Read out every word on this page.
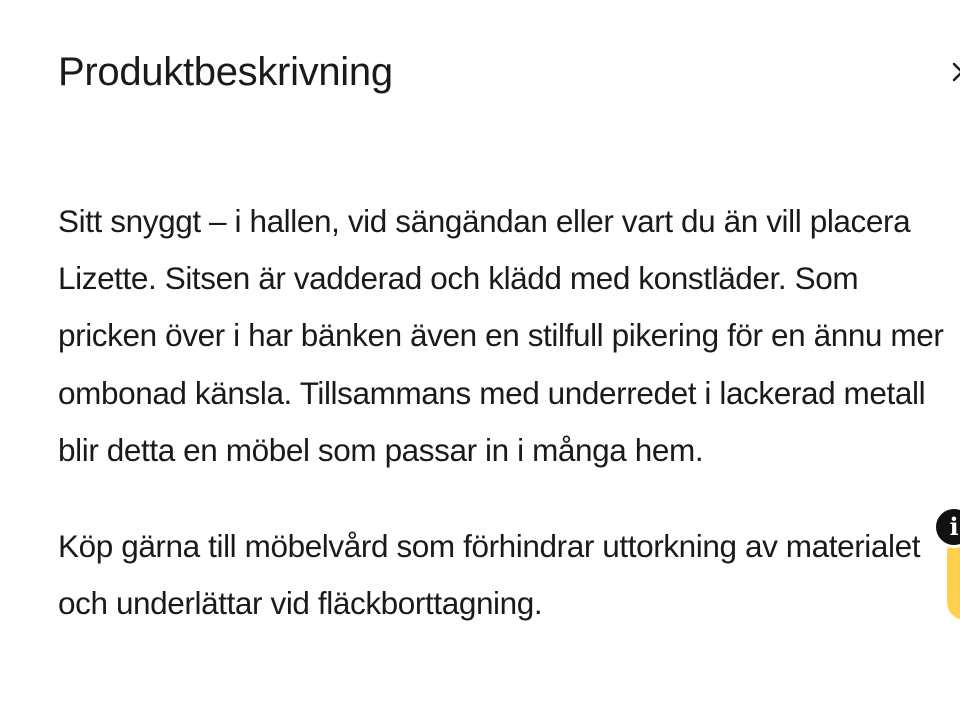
Produktbeskrivning

Sitt snyggt – i hallen, vid sängändan eller vart du än vill placera Lizette. Sitsen är vadderad och klädd med konstläder. Som pricken över i har bänken även en stilfull pikering för en ännu mer ombonad känsla. Tillsammans med underredet i lackerad metall blir detta en möbel som passar in i många hem.

Köp gärna till möbelvård som förhindrar uttorkning av materialet och underlättar vid fläckborttagning.

i
